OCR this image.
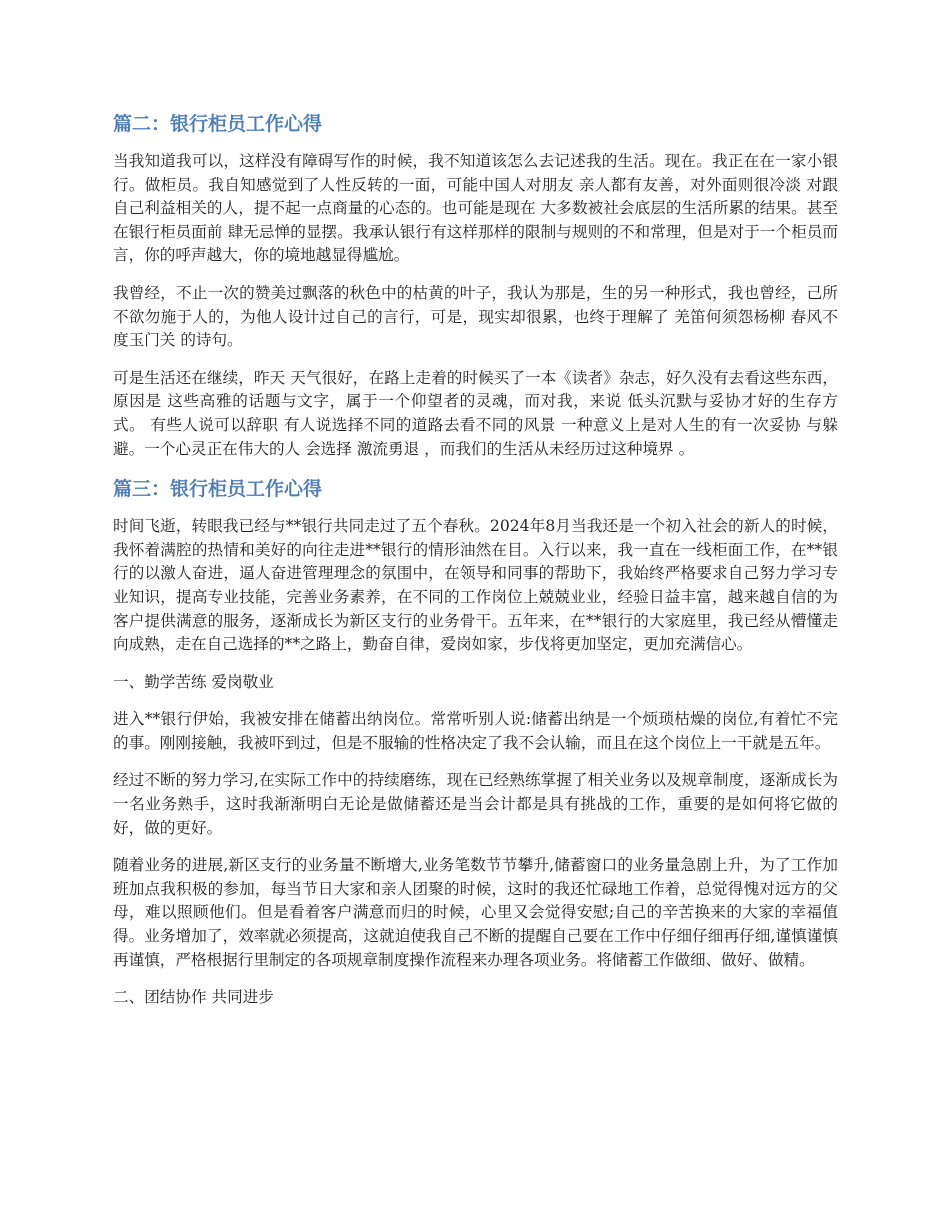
篇二：银行柜员工作心得

当我知道我可以，这样没有障碍写作的时候，我不知道该怎么去记述我的生活。现在。我正在在一家小银行。做柜员。我自知感觉到了人性反转的一面，可能中国人对朋友 亲人都有友善，对外面则很冷淡 对跟自己利益相关的人，提不起一点商量的心态的。也可能是现在 大多数被社会底层的生活所累的结果。甚至在银行柜员面前 肆无忌惮的显摆。我承认银行有这样那样的限制与规则的不和常理，但是对于一个柜员而言，你的呼声越大，你的境地越显得尴尬。

我曾经，不止一次的赞美过飘落的秋色中的枯黄的叶子，我认为那是，生的另一种形式，我也曾经，己所不欲勿施于人的，为他人设计过自己的言行，可是，现实却很累，也终于理解了 羌笛何须怨杨柳 春风不度玉门关 的诗句。

可是生活还在继续，昨天 天气很好，在路上走着的时候买了一本《读者》杂志，好久没有去看这些东西，原因是 这些高雅的话题与文字，属于一个仰望者的灵魂，而对我，来说 低头沉默与妥协才好的生存方式。 有些人说可以辞职 有人说选择不同的道路去看不同的风景 一种意义上是对人生的有一次妥协 与躲避。一个心灵正在伟大的人 会选择 激流勇退 ，而我们的生活从未经历过这种境界 。

篇三：银行柜员工作心得

时间飞逝，转眼我已经与**银行共同走过了五个春秋。2024年8月当我还是一个初入社会的新人的时候，我怀着满腔的热情和美好的向往走进**银行的情形油然在目。入行以来，我一直在一线柜面工作，在**银行的以激人奋进，逼人奋进管理理念的氛围中，在领导和同事的帮助下，我始终严格要求自己努力学习专业知识，提高专业技能，完善业务素养，在不同的工作岗位上兢兢业业，经验日益丰富，越来越自信的为客户提供满意的服务，逐渐成长为新区支行的业务骨干。五年来，在**银行的大家庭里，我已经从懵懂走向成熟，走在自己选择的**之路上，勤奋自律，爱岗如家，步伐将更加坚定，更加充满信心。

一、勤学苦练 爱岗敬业

进入**银行伊始，我被安排在储蓄出纳岗位。常常听别人说:储蓄出纳是一个烦琐枯燥的岗位,有着忙不完的事。刚刚接触，我被吓到过，但是不服输的性格决定了我不会认输，而且在这个岗位上一干就是五年。

经过不断的努力学习,在实际工作中的持续磨练，现在已经熟练掌握了相关业务以及规章制度，逐渐成长为一名业务熟手，这时我渐渐明白无论是做储蓄还是当会计都是具有挑战的工作，重要的是如何将它做的好，做的更好。

随着业务的进展,新区支行的业务量不断增大,业务笔数节节攀升,储蓄窗口的业务量急剧上升，为了工作加班加点我积极的参加，每当节日大家和亲人团聚的时候，这时的我还忙碌地工作着，总觉得愧对远方的父母，难以照顾他们。但是看着客户满意而归的时候，心里又会觉得安慰;自己的辛苦换来的大家的幸福值得。业务增加了，效率就必须提高，这就迫使我自己不断的提醒自己要在工作中仔细仔细再仔细,谨慎谨慎再谨慎，严格根据行里制定的各项规章制度操作流程来办理各项业务。将储蓄工作做细、做好、做精。

二、团结协作 共同进步
